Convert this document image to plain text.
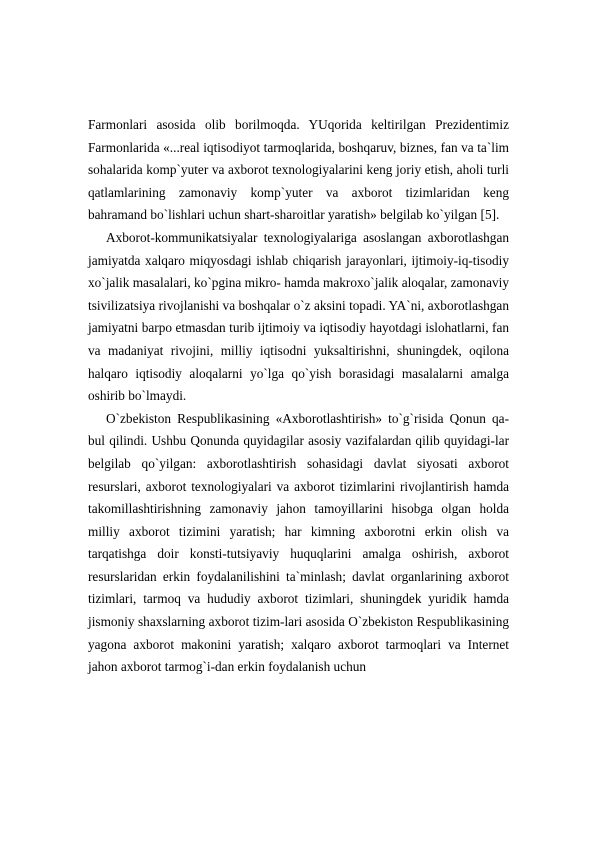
Farmonlari asosida olib borilmoqda. YUqorida keltirilgan Prezidentimiz Farmonlarida «...real iqtisodiyot tarmoqlarida, boshqaruv, biznes, fan va ta`lim sohalarida komp`yuter va axborot texnologiyalarini keng joriy etish, aholi turli qatlamlarining zamonaviy komp`yuter va axborot tizimlaridan keng bahramand bo`lishlari uchun shart-sharoitlar yaratish» belgilab ko`yilgan [5].

Axborot-kommunikatsiyalar texnologiyalariga asoslangan axborotlashgan jamiyatda xalqaro miqyosdagi ishlab chiqarish jarayonlari, ijtimoiy-iq-tisodiy xo`jalik masalalari, ko`pgina mikro- hamda makroxo`jalik aloqalar, zamonaviy tsivilizatsiya rivojlanishi va boshqalar o`z aksini topadi. YA`ni, axborotlashgan jamiyatni barpo etmasdan turib ijtimoiy va iqtisodiy hayotdagi islohatlarni, fan va madaniyat rivojini, milliy iqtisodni yuksaltirishni, shuningdek, oqilona halqaro iqtisodiy aloqalarni yo`lga qo`yish borasidagi masalalarni amalga oshirib bo`lmaydi.

O`zbekiston Respublikasining «Axborotlashtirish» to`g`risida Qonun qa-bul qilindi. Ushbu Qonunda quyidagilar asosiy vazifalardan qilib quyidagi-lar belgilab qo`yilgan: axborotlashtirish sohasidagi davlat siyosati axborot resurslari, axborot texnologiyalari va axborot tizimlarini rivojlantirish hamda takomillashtirishning zamonaviy jahon tamoyillarini hisobga olgan holda milliy axborot tizimini yaratish; har kimning axborotni erkin olish va tarqatishga doir konsti-tutsiyaviy huquqlarini amalga oshirish, axborot resurslaridan erkin foydalanilishini ta`minlash; davlat organlarining axborot tizimlari, tarmoq va hududiy axborot tizimlari, shuningdek yuridik hamda jismoniy shaxslarning axborot tizim-lari asosida O`zbekiston Respublikasining yagona axborot makonini yaratish; xalqaro axborot tarmoqlari va Internet jahon axborot tarmog`i-dan erkin foydalanish uchun
